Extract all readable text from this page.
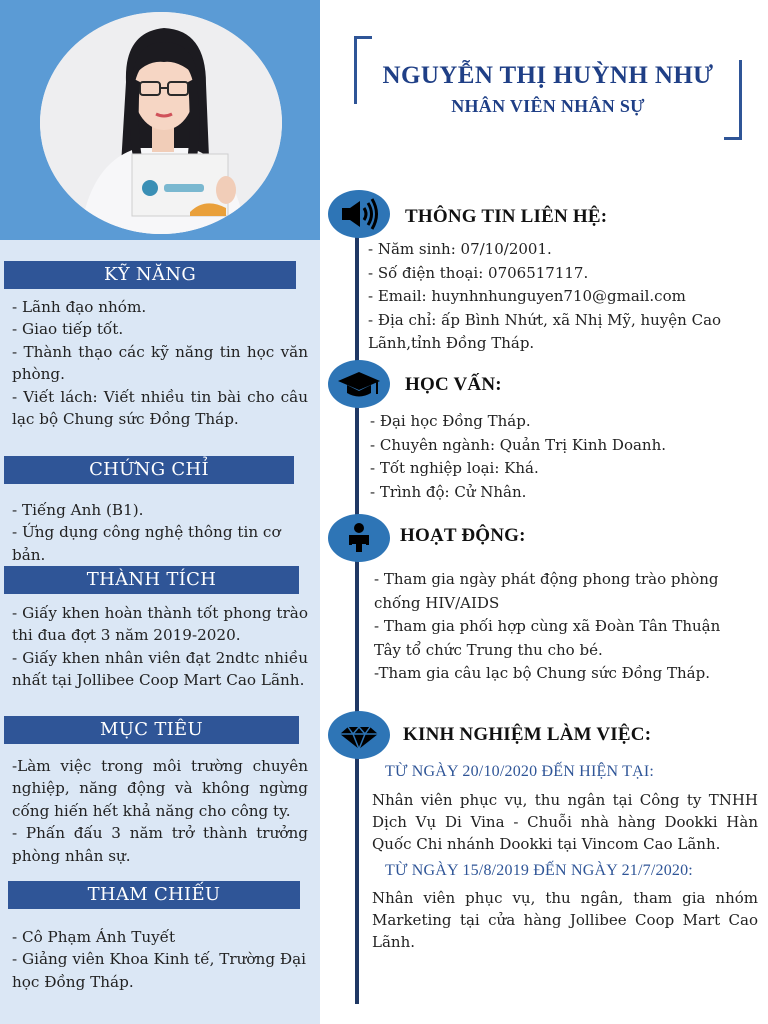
KỸ NĂNG

- Lãnh đạo nhóm.

- Giao tiếp tốt.

- Thành thạo các kỹ năng tin học văn phòng.

- Viết lách: Viết nhiều tin bài cho câu lạc bộ Chung sức Đồng Tháp.

CHỨNG CHỈ

- Tiếng Anh (B1).

- Ứng dụng công nghệ thông tin cơ bản.

THÀNH TÍCH

- Giấy khen hoàn thành tốt phong trào thi đua đợt 3 năm 2019-2020.

- Giấy khen nhân viên đạt 2ndtc nhiều nhất tại Jollibee Coop Mart Cao Lãnh.

MỤC TIÊU

-Làm việc trong môi trường chuyên nghiệp, năng động và không ngừng cống hiến hết khả năng cho công ty.

- Phấn đấu 3 năm trở thành trưởng phòng nhân sự.

THAM CHIẾU

- Cô Phạm Ánh Tuyết

- Giảng viên Khoa Kinh tế, Trường Đại học Đồng Tháp.

NGUYỄN THỊ HUỲNH NHƯ
NHÂN VIÊN NHÂN SỰ
THÔNG TIN LIÊN HỆ:

- Năm sinh: 07/10/2001.

- Số điện thoại: 0706517117.

- Email: huynhnhunguyen710@gmail.com

- Địa chỉ: ấp Bình Nhứt, xã Nhị Mỹ, huyện Cao Lãnh,tỉnh Đồng Tháp.

HỌC VẤN:

- Đại học Đồng Tháp.

- Chuyên ngành: Quản Trị Kinh Doanh.

- Tốt nghiệp loại: Khá.

- Trình độ: Cử Nhân.

HOẠT ĐỘNG:

- Tham gia ngày phát động phong trào phòng chống HIV/AIDS

- Tham gia phối hợp cùng xã Đoàn Tân Thuận Tây tổ chức Trung thu cho bé.

-Tham gia câu lạc bộ Chung sức Đồng Tháp.

KINH NGHIỆM LÀM VIỆC:
TỪ NGÀY 20/10/2020 ĐẾN HIỆN TẠI:
Nhân viên phục vụ, thu ngân tại Công ty TNHH Dịch Vụ Di Vina - Chuỗi nhà hàng Dookki Hàn Quốc Chi nhánh Dookki tại Vincom Cao Lãnh.
TỪ NGÀY 15/8/2019 ĐẾN NGÀY 21/7/2020:
Nhân viên phục vụ, thu ngân, tham gia nhóm Marketing tại cửa hàng Jollibee Coop Mart Cao Lãnh.
